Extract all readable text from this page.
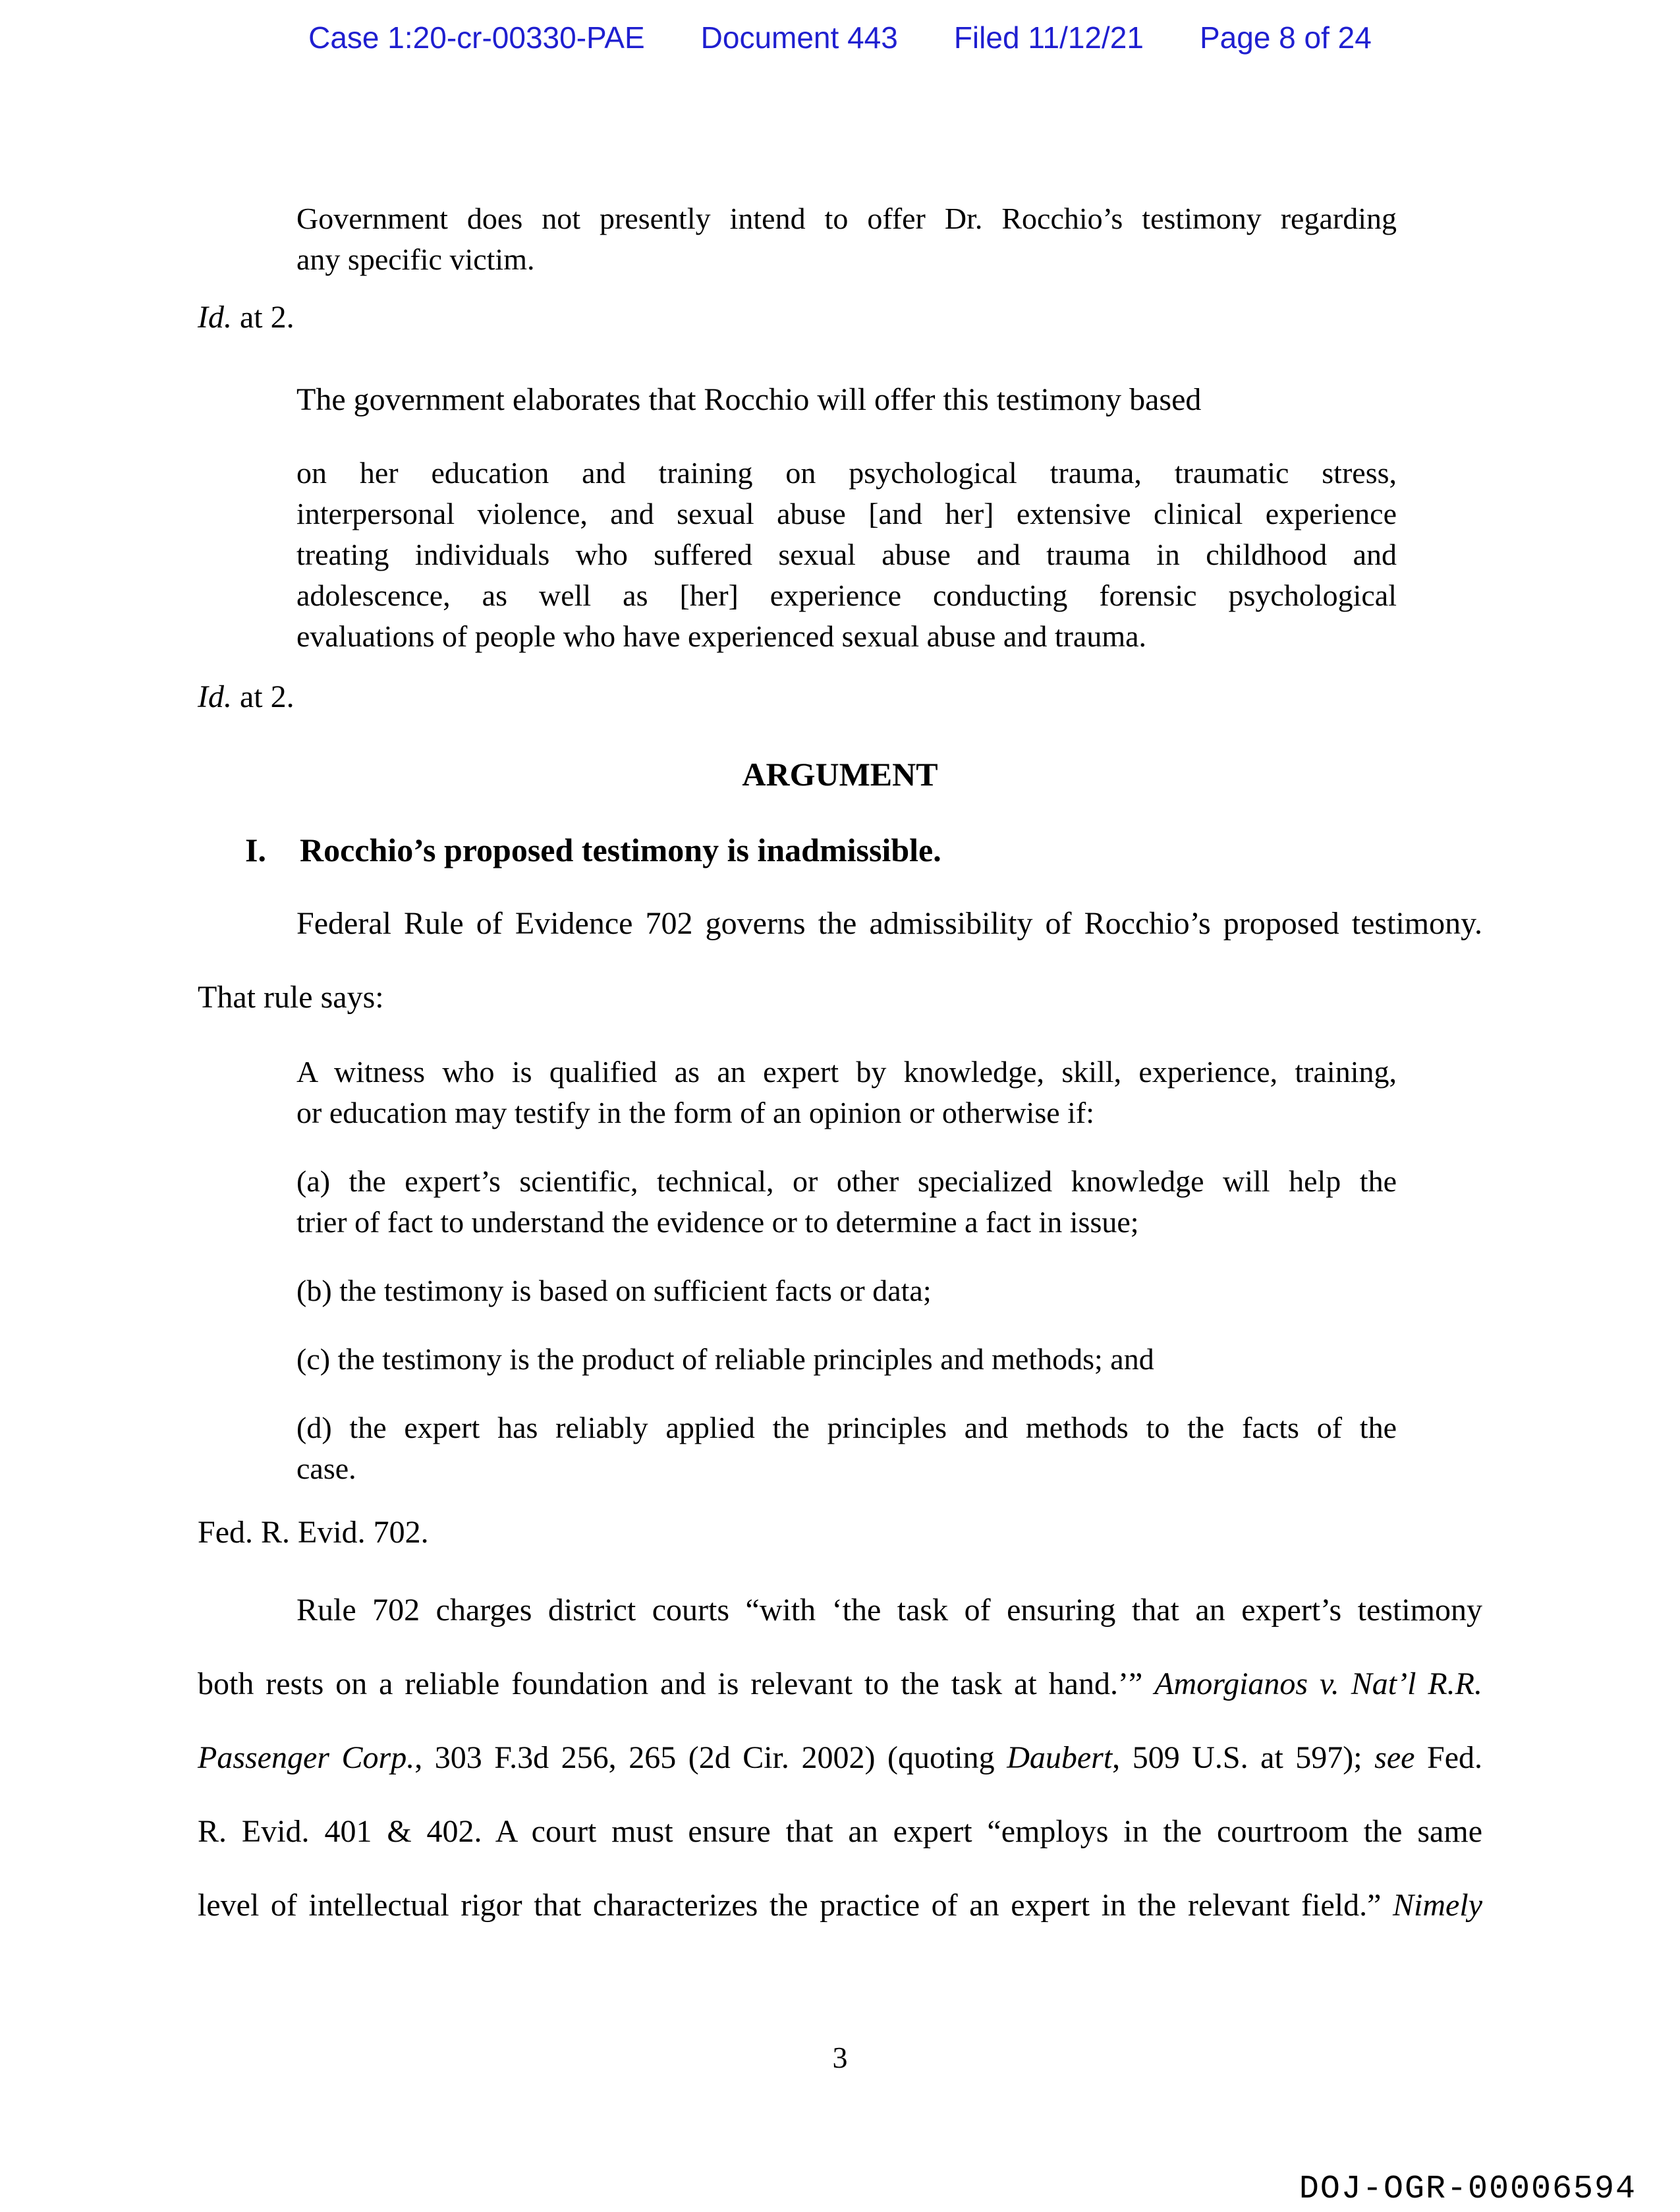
Case 1:20-cr-00330-PAE Document 443 Filed 11/12/21 Page 8 of 24
Government does not presently intend to offer Dr. Rocchio’s testimony regarding
any specific victim.
Id. at 2.
The government elaborates that Rocchio will offer this testimony based
on her education and training on psychological trauma, traumatic stress,
interpersonal violence, and sexual abuse [and her] extensive clinical experience
treating individuals who suffered sexual abuse and trauma in childhood and
adolescence, as well as [her] experience conducting forensic psychological
evaluations of people who have experienced sexual abuse and trauma.
Id. at 2.
ARGUMENT
I. Rocchio’s proposed testimony is inadmissible.
Federal Rule of Evidence 702 governs the admissibility of Rocchio’s proposed testimony.
That rule says:
A witness who is qualified as an expert by knowledge, skill, experience, training,
or education may testify in the form of an opinion or otherwise if:
(a) the expert’s scientific, technical, or other specialized knowledge will help the
trier of fact to understand the evidence or to determine a fact in issue;
(b) the testimony is based on sufficient facts or data;
(c) the testimony is the product of reliable principles and methods; and
(d) the expert has reliably applied the principles and methods to the facts of the
case.
Fed. R. Evid. 702.
Rule 702 charges district courts “with ‘the task of ensuring that an expert’s testimony
both rests on a reliable foundation and is relevant to the task at hand.’” Amorgianos v. Nat’l R.R.
Passenger Corp., 303 F.3d 256, 265 (2d Cir. 2002) (quoting Daubert, 509 U.S. at 597); see Fed.
R. Evid. 401 & 402. A court must ensure that an expert “employs in the courtroom the same
level of intellectual rigor that characterizes the practice of an expert in the relevant field.” Nimely
3
DOJ-OGR-00006594
